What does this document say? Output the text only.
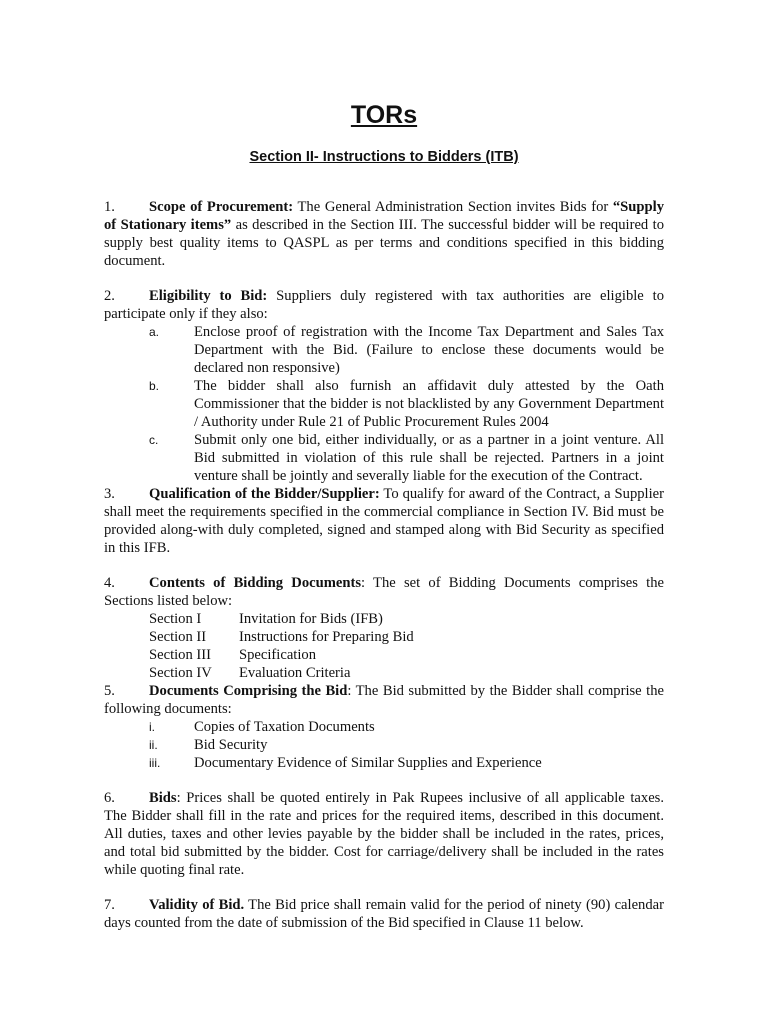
TORs
Section II- Instructions to Bidders (ITB)

1. Scope of Procurement: The General Administration Section invites Bids for “Supply of Stationary items” as described in the Section III. The successful bidder will be required to supply best quality items to QASPL as per terms and conditions specified in this bidding document.

2. Eligibility to Bid: Suppliers duly registered with tax authorities are eligible to participate only if they also:

a. Enclose proof of registration with the Income Tax Department and Sales Tax Department with the Bid. (Failure to enclose these documents would be declared non responsive)
b. The bidder shall also furnish an affidavit duly attested by the Oath Commissioner that the bidder is not blacklisted by any Government Department / Authority under Rule 21 of Public Procurement Rules 2004
c. Submit only one bid, either individually, or as a partner in a joint venture. All Bid submitted in violation of this rule shall be rejected. Partners in a joint venture shall be jointly and severally liable for the execution of the Contract.

3. Qualification of the Bidder/Supplier: To qualify for award of the Contract, a Supplier shall meet the requirements specified in the commercial compliance in Section IV. Bid must be provided along-with duly completed, signed and stamped along with Bid Security as specified in this IFB.

4. Contents of Bidding Documents: The set of Bidding Documents comprises the Sections listed below:

Section I	Invitation for Bids (IFB)
Section II Instructions for Preparing Bid
Section III Specification
Section IV Evaluation Criteria

5. Documents Comprising the Bid: The Bid submitted by the Bidder shall comprise the following documents:

i.	Copies of Taxation Documents
ii. Bid Security
iii. Documentary Evidence of Similar Supplies and Experience

6. Bids: Prices shall be quoted entirely in Pak Rupees inclusive of all applicable taxes. The Bidder shall fill in the rate and prices for the required items, described in this document. All duties, taxes and other levies payable by the bidder shall be included in the rates, prices, and total bid submitted by the bidder. Cost for carriage/delivery shall be included in the rates while quoting final rate.

7. Validity of Bid. The Bid price shall remain valid for the period of ninety (90) calendar days counted from the date of submission of the Bid specified in Clause 11 below.
